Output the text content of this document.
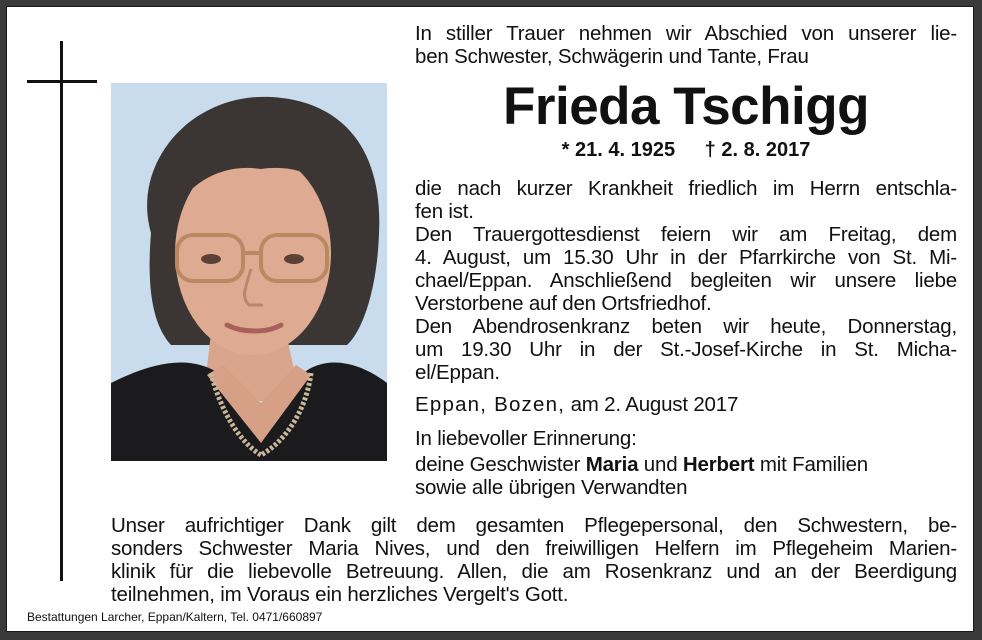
In stiller Trauer nehmen wir Abschied von unserer lie-
ben Schwester, Schwägerin und Tante, Frau
Frieda Tschigg
* 21. 4. 1925 † 2. 8. 2017
die nach kurzer Krankheit friedlich im Herrn entschla-
fen ist.
Den Trauergottesdienst feiern wir am Freitag, dem
4. August, um 15.30 Uhr in der Pfarrkirche von St. Mi-
chael/Eppan. Anschließend begleiten wir unsere liebe
Verstorbene auf den Ortsfriedhof.
Den Abendrosenkranz beten wir heute, Donnerstag,
um 19.30 Uhr in der St.-Josef-Kirche in St. Micha-
el/Eppan.
Eppan, Bozen, am 2. August 2017
In liebevoller Erinnerung:
deine Geschwister Maria und Herbert mit Familien
sowie alle übrigen Verwandten
Unser aufrichtiger Dank gilt dem gesamten Pflegepersonal, den Schwestern, be-
sonders Schwester Maria Nives, und den freiwilligen Helfern im Pflegeheim Marien-
klinik für die liebevolle Betreuung. Allen, die am Rosenkranz und an der Beerdigung
teilnehmen, im Voraus ein herzliches Vergelt's Gott.
Bestattungen Larcher, Eppan/Kaltern, Tel. 0471/660897
